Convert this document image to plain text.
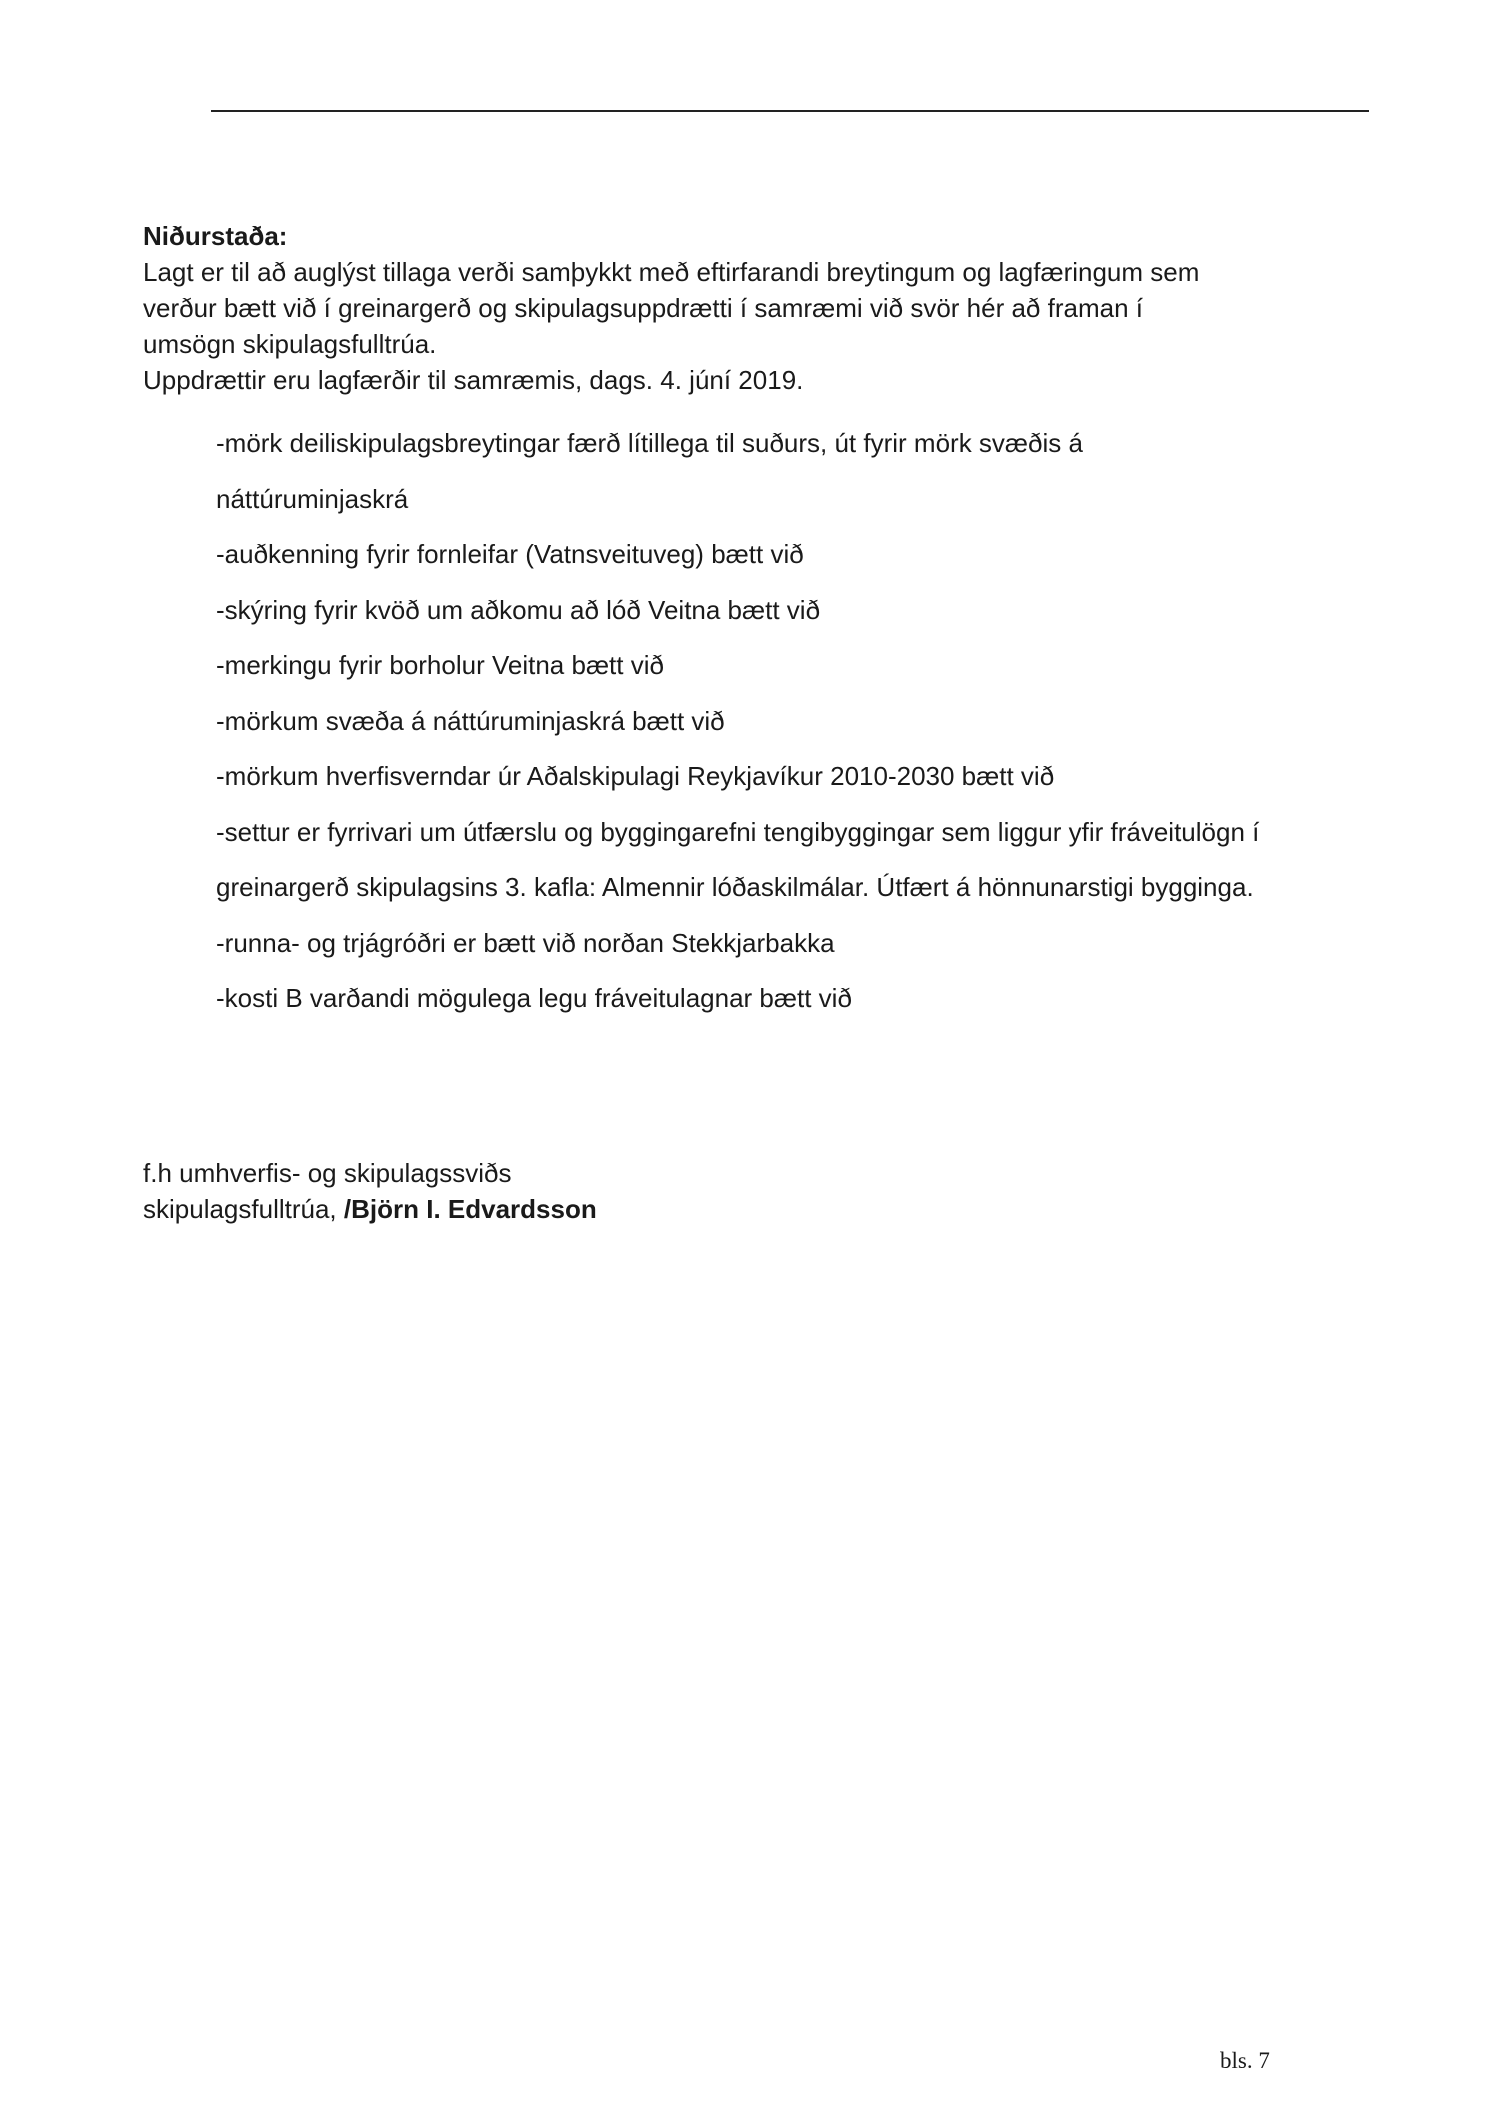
Niðurstaða:

Lagt er til að auglýst tillaga verði samþykkt með eftirfarandi breytingum og lagfæringum sem

verður bætt við í greinargerð og skipulagsuppdrætti í samræmi við svör hér að framan í

umsögn skipulagsfulltrúa.

Uppdrættir eru lagfærðir til samræmis, dags. 4. júní 2019.

-mörk deiliskipulagsbreytingar færð lítillega til suðurs, út fyrir mörk svæðis á
náttúruminjaskrá
-auðkenning fyrir fornleifar (Vatnsveituveg) bætt við
-skýring fyrir kvöð um aðkomu að lóð Veitna bætt við
-merkingu fyrir borholur Veitna bætt við
-mörkum svæða á náttúruminjaskrá bætt við
-mörkum hverfisverndar úr Aðalskipulagi Reykjavíkur 2010-2030 bætt við
-settur er fyrrivari um útfærslu og byggingarefni tengibyggingar sem liggur yfir fráveitulögn í
greinargerð skipulagsins 3. kafla: Almennir lóðaskilmálar. Útfært á hönnunarstigi bygginga.
-runna- og trjágróðri er bætt við norðan Stekkjarbakka
-kosti B varðandi mögulega legu fráveitulagnar bætt við
f.h umhverfis- og skipulagssviðs
skipulagsfulltrúa, /Björn I. Edvardsson
bls. 7
